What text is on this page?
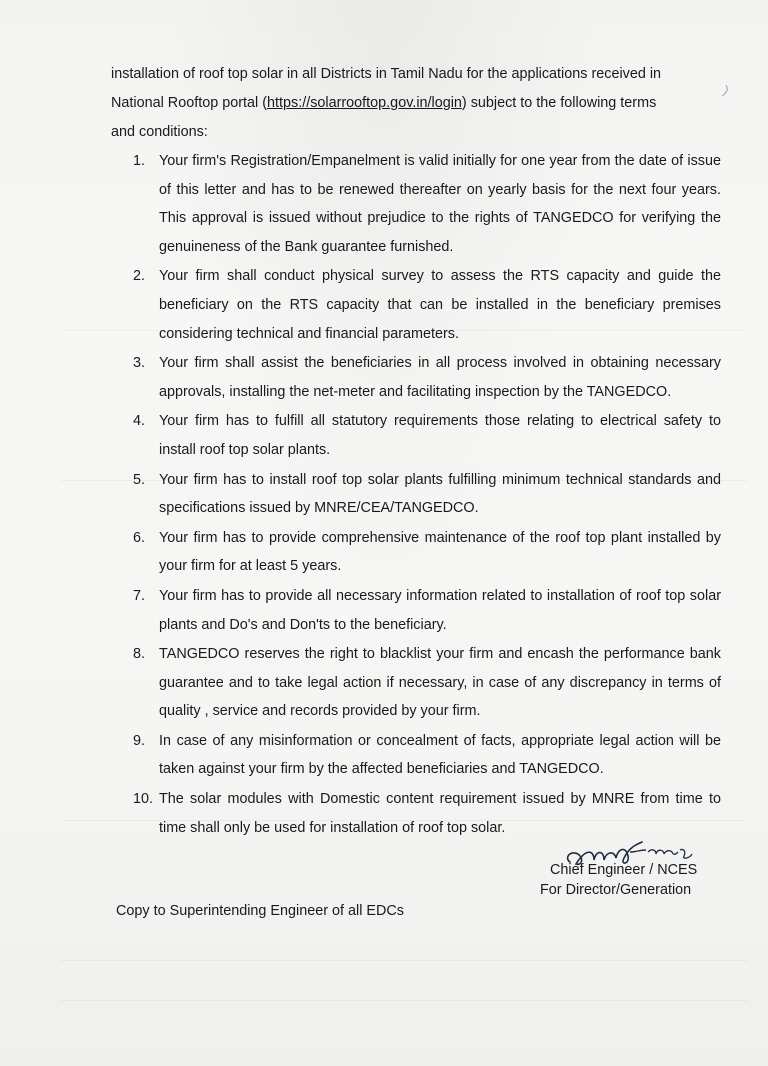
installation of roof top solar in all Districts in Tamil Nadu for the applications received in
National Rooftop portal (https://solarrooftop.gov.in/login) subject to the following terms
and conditions:
1. Your firm's Registration/Empanelment is valid initially for one year from the date of issue of this letter and has to be renewed thereafter on yearly basis for the next four years. This approval is issued without prejudice to the rights of TANGEDCO for verifying the genuineness of the Bank guarantee furnished.
2. Your firm shall conduct physical survey to assess the RTS capacity and guide the beneficiary on the RTS capacity that can be installed in the beneficiary premises considering technical and financial parameters.
3. Your firm shall assist the beneficiaries in all process involved in obtaining necessary approvals, installing the net-meter and facilitating inspection by the TANGEDCO.
4. Your firm has to fulfill all statutory requirements those relating to electrical safety to install roof top solar plants.
5. Your firm has to install roof top solar plants fulfilling minimum technical standards and specifications issued by MNRE/CEA/TANGEDCO.
6. Your firm has to provide comprehensive maintenance of the roof top plant installed by your firm for at least 5 years.
7. Your firm has to provide all necessary information related to installation of roof top solar plants and Do's and Don'ts to the beneficiary.
8. TANGEDCO reserves the right to blacklist your firm and encash the performance bank guarantee and to take legal action if necessary, in case of any discrepancy in terms of quality , service and records provided by your firm.
9. In case of any misinformation or concealment of facts, appropriate legal action will be taken against your firm by the affected beneficiaries and TANGEDCO.
10. The solar modules with Domestic content requirement issued by MNRE from time to time shall only be used for installation of roof top solar.
Chief Engineer / NCES
For Director/Generation
Copy to Superintending Engineer of all EDCs
